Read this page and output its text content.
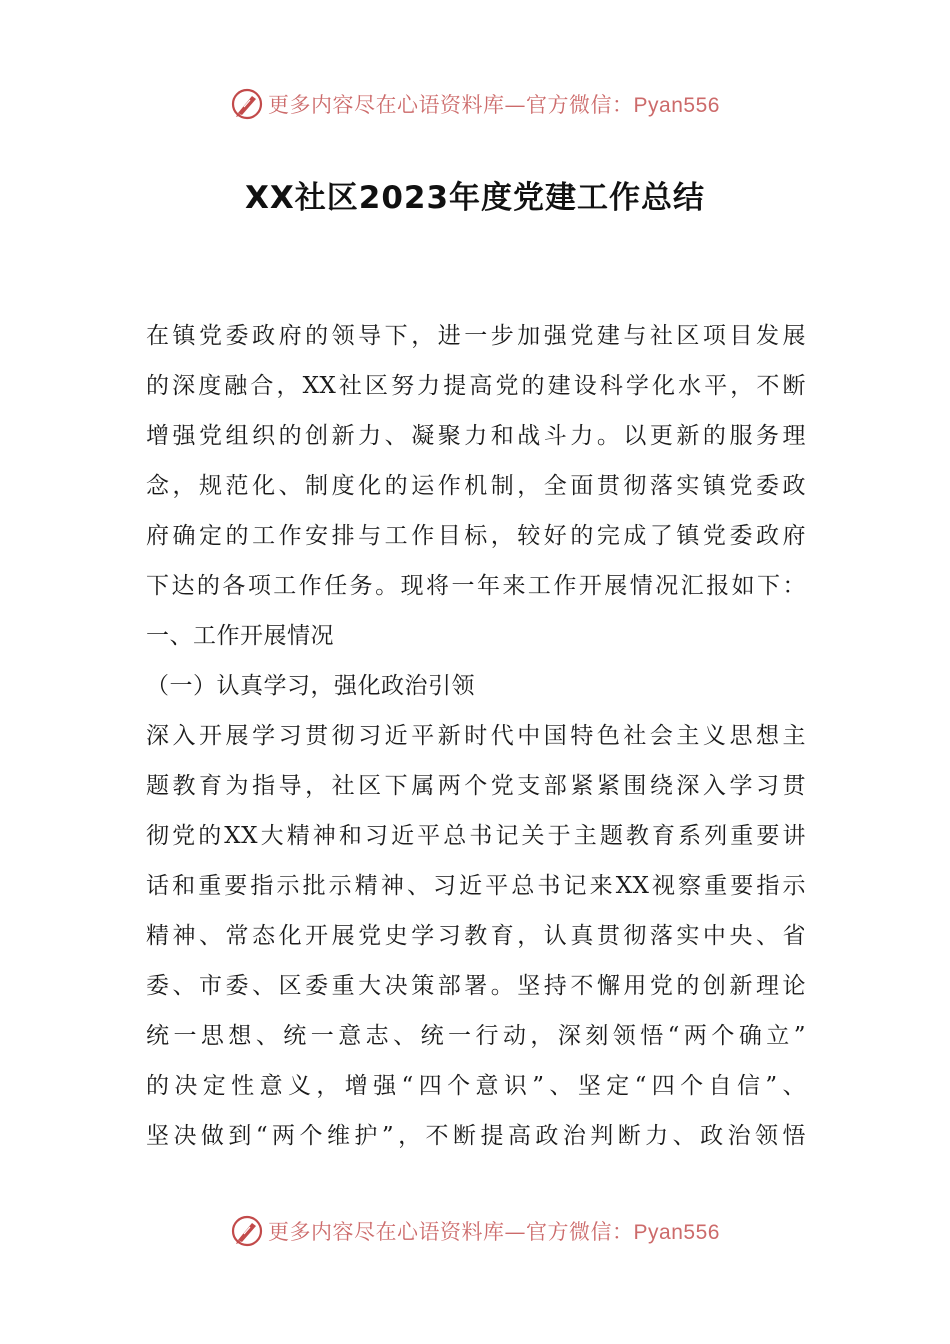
更多内容尽在心语资料库—官方微信：Pyan556
XX社区2023年度党建工作总结
在镇党委政府的领导下，进一步加强党建与社区项目发展
的深度融合，XX社区努力提高党的建设科学化水平，不断
增强党组织的创新力、凝聚力和战斗力。以更新的服务理
念，规范化、制度化的运作机制，全面贯彻落实镇党委政
府确定的工作安排与工作目标，较好的完成了镇党委政府
下达的各项工作任务。现将一年来工作开展情况汇报如下：
一、工作开展情况
（一）认真学习，强化政治引领
深入开展学习贯彻习近平新时代中国特色社会主义思想主
题教育为指导，社区下属两个党支部紧紧围绕深入学习贯
彻党的XX大精神和习近平总书记关于主题教育系列重要讲
话和重要指示批示精神、习近平总书记来XX视察重要指示
精神、常态化开展党史学习教育，认真贯彻落实中央、省
委、市委、区委重大决策部署。坚持不懈用党的创新理论
统一思想、统一意志、统一行动，深刻领悟“两个确立”
的决定性意义，增强“四个意识”、坚定“四个自信”、
坚决做到“两个维护”，不断提高政治判断力、政治领悟
更多内容尽在心语资料库—官方微信：Pyan556
